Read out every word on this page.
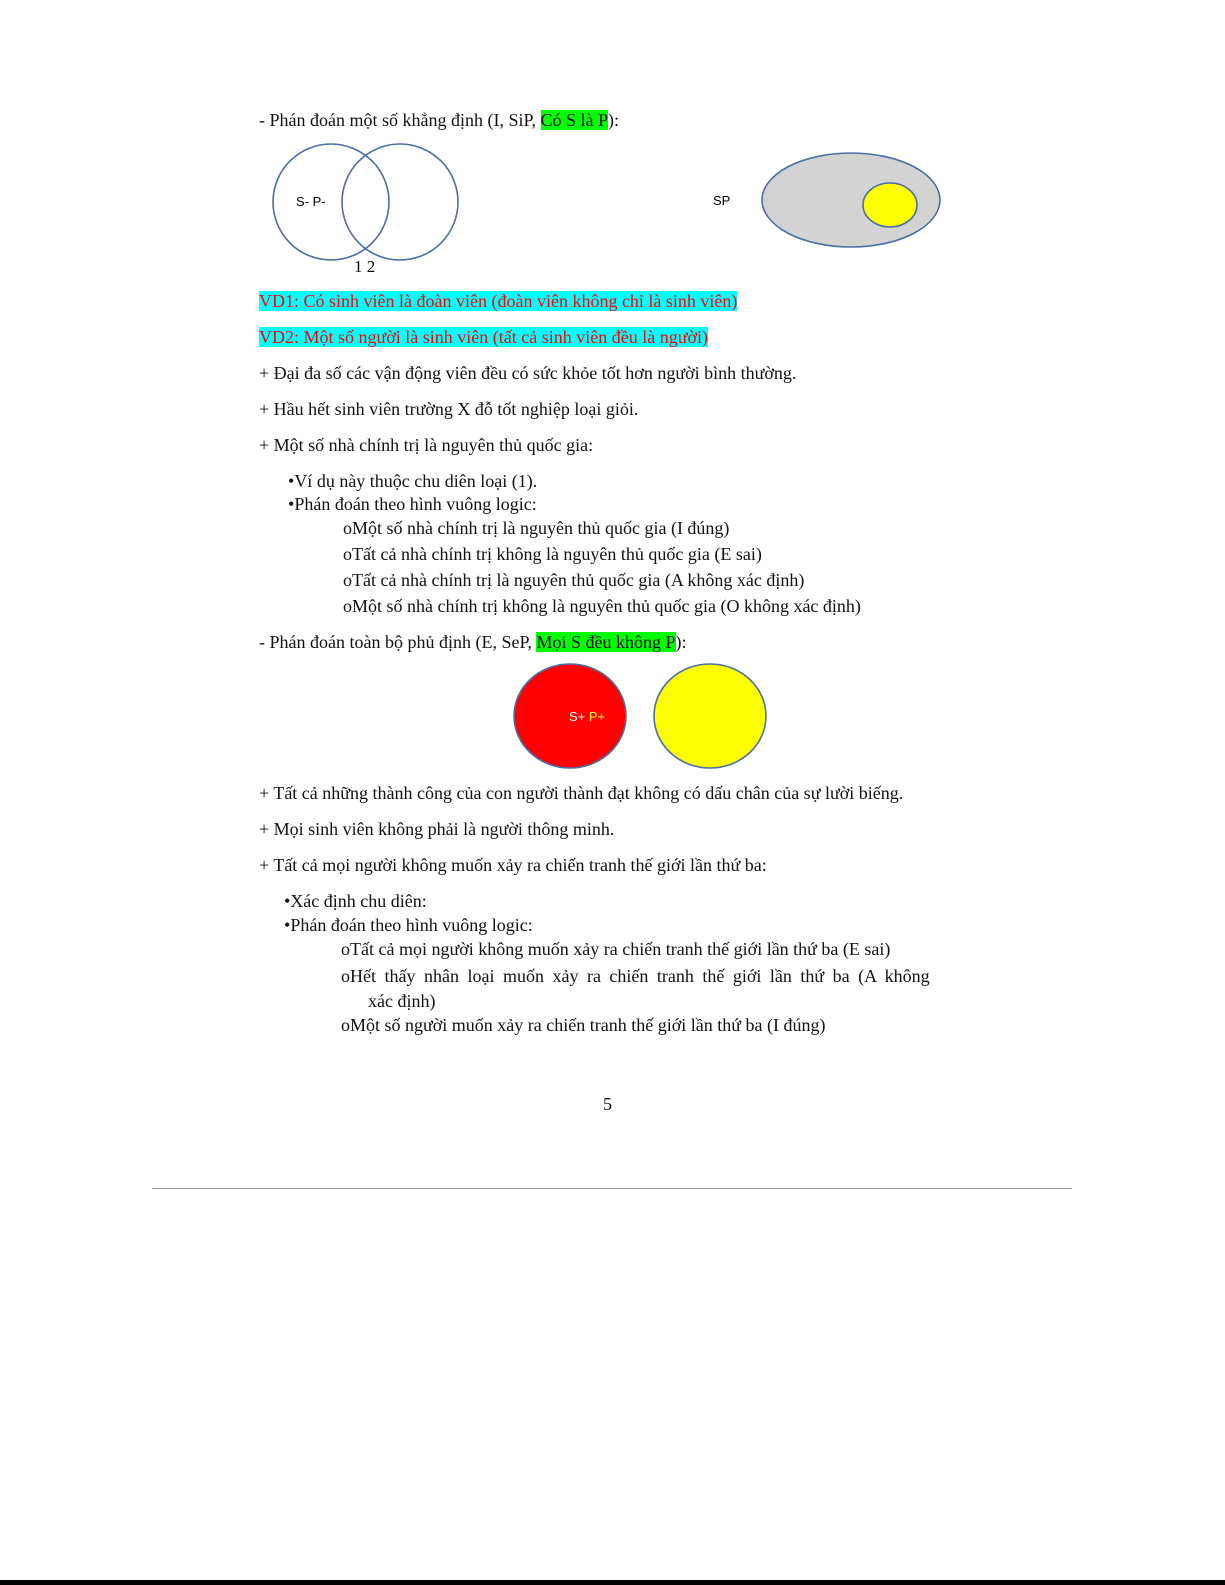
- Phán đoán một số khẳng định (I, SiP, Có S là P):
S- P-
1 2
SP
VD1: Có sinh viên là đoàn viên (đoàn viên không chỉ là sinh viên)
VD2: Một số người là sinh viên (tất cả sinh viên đều là người)
+ Đại đa số các vận động viên đều có sức khỏe tốt hơn người bình thường.
+ Hầu hết sinh viên trường X đỗ tốt nghiệp loại giỏi.
+ Một số nhà chính trị là nguyên thủ quốc gia:
•Ví dụ này thuộc chu diên loại (1).
•Phán đoán theo hình vuông logic:
oMột số nhà chính trị là nguyên thủ quốc gia (I đúng)
oTất cả nhà chính trị không là nguyên thủ quốc gia (E sai)
oTất cả nhà chính trị là nguyên thủ quốc gia (A không xác định)
oMột số nhà chính trị không là nguyên thủ quốc gia (O không xác định)
- Phán đoán toàn bộ phủ định (E, SeP, Mọi S đều không P):
S+ P+
+ Tất cả những thành công của con người thành đạt không có dấu chân của sự lười biếng.
+ Mọi sinh viên không phải là người thông minh.
+ Tất cả mọi người không muốn xảy ra chiến tranh thế giới lần thứ ba:
•Xác định chu diên:
•Phán đoán theo hình vuông logic:
oTất cả mọi người không muốn xảy ra chiến tranh thế giới lần thứ ba (E sai)
oHết thấy nhân loại muốn xảy ra chiến tranh thế giới lần thứ ba (A không
xác định)
oMột số người muốn xảy ra chiến tranh thế giới lần thứ ba (I đúng)
5
